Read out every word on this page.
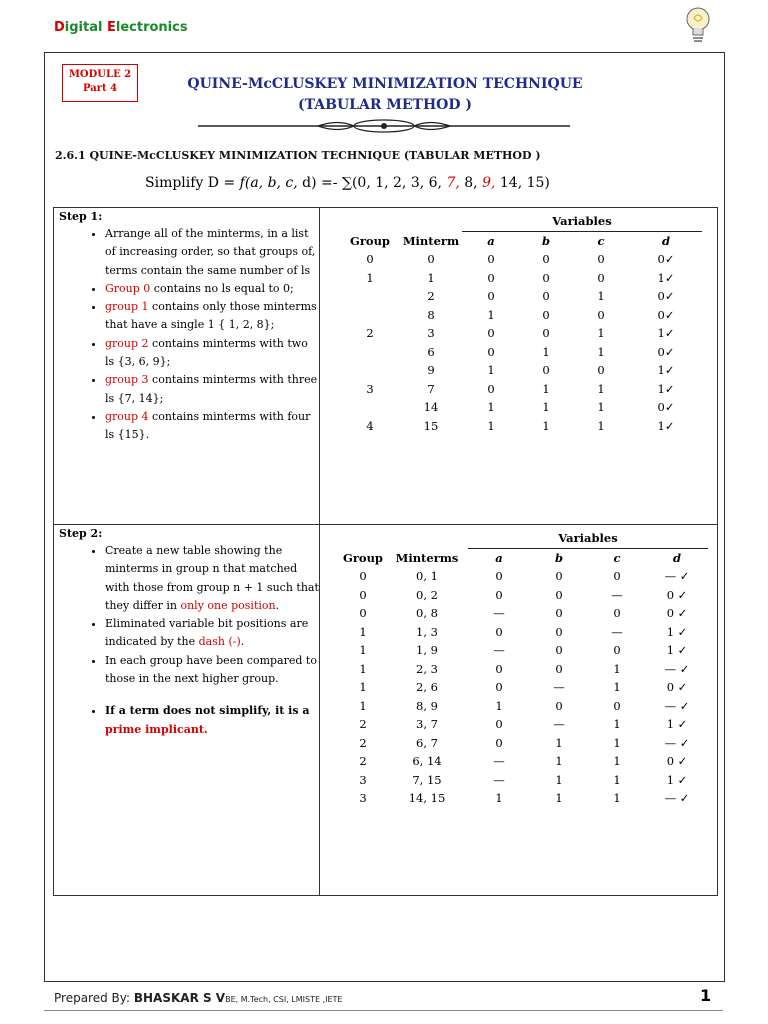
Digital Electronics
MODULE 2
Part 4	QUINE-McCLUSKEY MINIMIZATION TECHNIQUE
(TABULAR METHOD )
2.6.1 QUINE-McCLUSKEY MINIMIZATION TECHNIQUE (TABULAR METHOD )
Simplify D = f(a, b, c, d) =- ∑(0, 1, 2, 3, 6, 7, 8, 9, 14, 15)
Step 1:
• Arrange all of the minterms, in a list of increasing order, so that groups of, terms contain the same number of ls
• Group 0 contains no ls equal to 0;
• group 1 contains only those minterms that have a single 1 { 1, 2, 8};
• group 2 contains minterms with two ls {3, 6, 9};
• group 3 contains minterms with three ls {7, 14};
• group 4 contains minterms with four ls {15}.
		Variables			
Group	Minterm	a	b	c	d
0	0	0	0	0	0✓
1	1	0	0	0	1✓
	2	0	0	1	0✓
	8	1	0	0	0✓
2	3	0	0	1	1✓
	6	0	1	1	0✓
	9	1	0	0	1✓
3	7	0	1	1	1✓
	14	1	1	1	0✓
4	15	1	1	1	1✓
Step 2:
• Create a new table showing the minterms in group n that matched with those from group n + 1 such that they differ in only one position.
• Eliminated variable bit positions are indicated by the dash (-).
• In each group have been compared to those in the next higher group.
• If a term does not simplify, it is a prime implicant.
		Variables			
Group	Minterms	a	b	c	d
0	0, 1	0	0	0	— ✓
0	0, 2	0	0	—	0 ✓
0	0, 8	—	0	0	0 ✓
1	1, 3	0	0	—	1 ✓
1	1, 9	—	0	0	1 ✓
1	2, 3	0	0	1	— ✓
1	2, 6	0	—	1	0 ✓
1	8, 9	1	0	0	— ✓
2	3, 7	0	—	1	1 ✓
2	6, 7	0	1	1	— ✓
2	6, 14	—	1	1	0 ✓
3	7, 15	—	1	1	1 ✓
3	14, 15	1	1	1	— ✓
Prepared By: BHASKAR S VBE, M.Tech, CSI, LMISTE ,IETE	1
